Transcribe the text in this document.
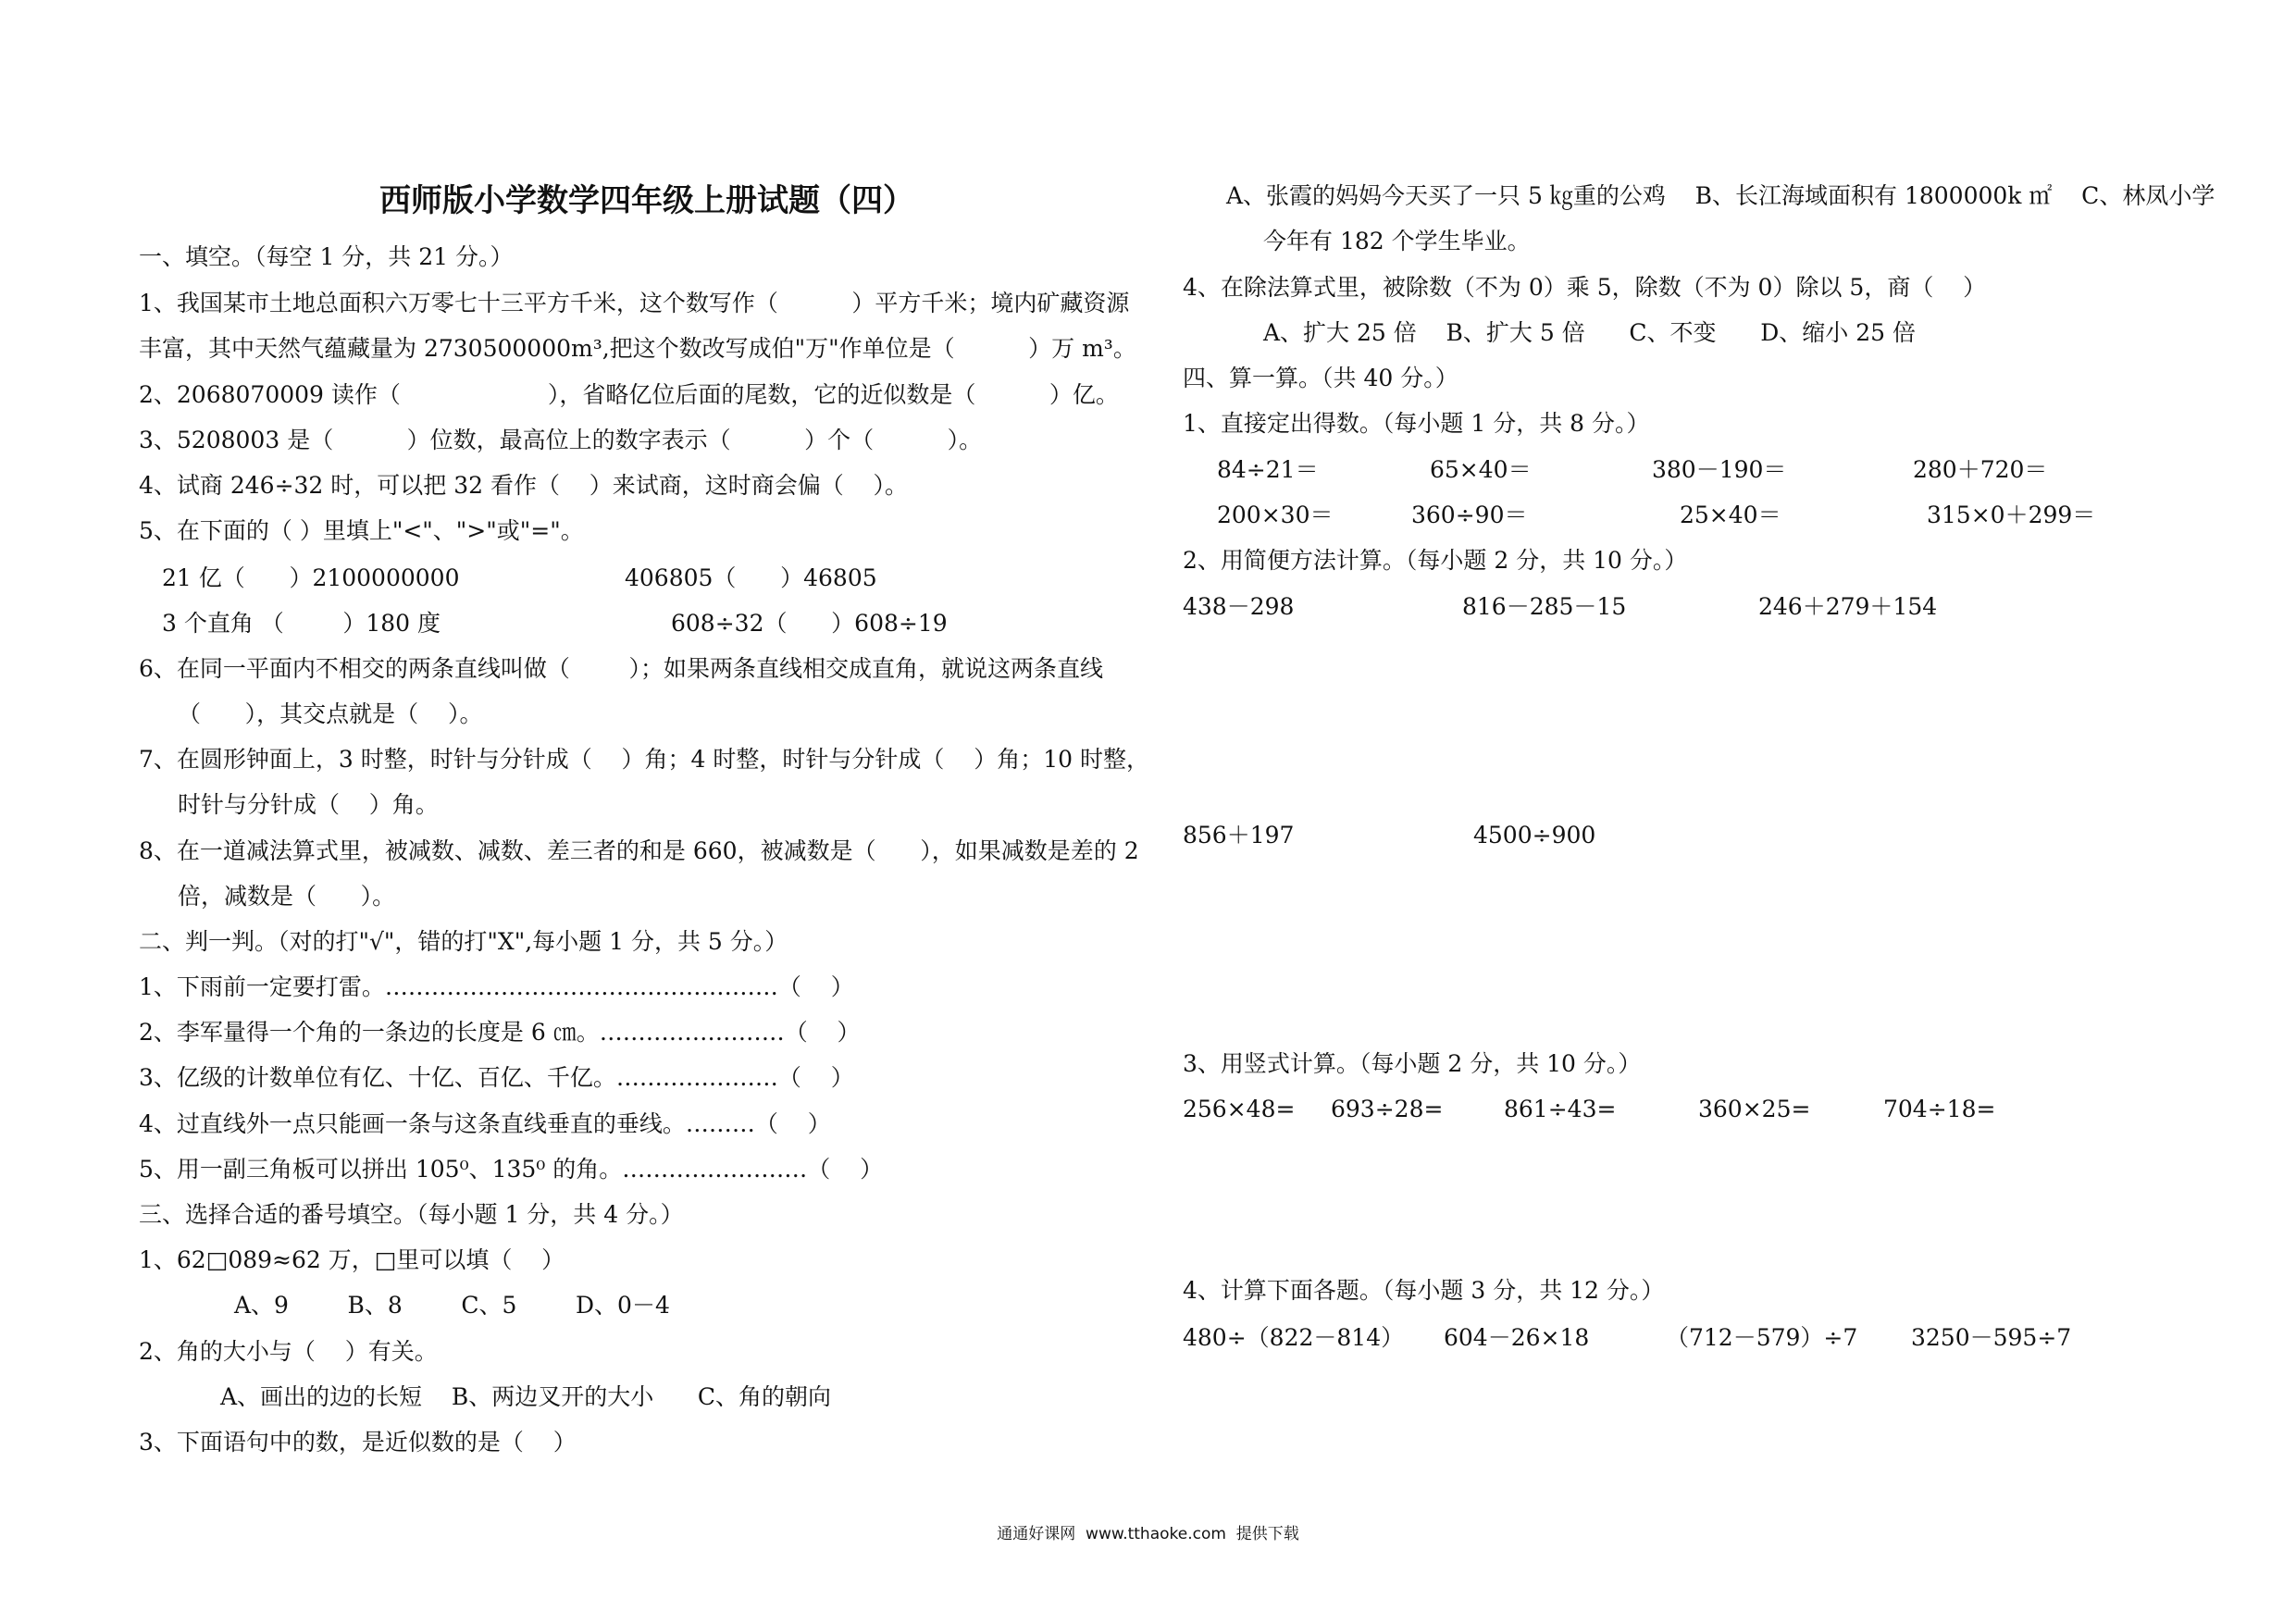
西师版小学数学四年级上册试题（四）
一、填空。（每空 1 分，共 21 分。）
1、我国某市土地总面积六万零七十三平方千米，这个数写作（          ）平方千米；境内矿藏资源
丰富，其中天然气蕴藏量为 2730500000m³,把这个数改写成伯"万"作单位是（          ）万 m³。
2、2068070009 读作（                    ），省略亿位后面的尾数，它的近似数是（          ）亿。
3、5208003 是（          ）位数，最高位上的数字表示（          ）个（          ）。
4、试商 246÷32 时，可以把 32 看作（    ）来试商，这时商会偏（    ）。
5、在下面的（ ）里填上"<"、">"或"="。
21 亿（      ）2100000000	406805（      ）46805
3 个直角 （        ）180 度	608÷32（      ）608÷19
6、在同一平面内不相交的两条直线叫做（        ）；如果两条直线相交成直角，就说这两条直线
（      ），其交点就是（    ）。
7、在圆形钟面上，3 时整，时针与分针成（    ）角；4 时整，时针与分针成（    ）角；10 时整，
时针与分针成（    ）角。
8、在一道减法算式里，被减数、减数、差三者的和是 660，被减数是（      ），如果减数是差的 2
倍，减数是（      ）。
二、判一判。（对的打"√"，错的打"X",每小题 1 分，共 5 分。）
1、下雨前一定要打雷。……………………………………………（    ）
2、李军量得一个角的一条边的长度是 6 ㎝。……………………（    ）
3、亿级的计数单位有亿、十亿、百亿、千亿。…………………（    ）
4、过直线外一点只能画一条与这条直线垂直的垂线。………（    ）
5、用一副三角板可以拼出 105⁰、135⁰ 的角。……………………（    ）
三、选择合适的番号填空。（每小题 1 分，共 4 分。）
1、62□089≈62 万，□里可以填（    ）
A、9        B、8        C、5        D、0－4
2、角的大小与（    ）有关。
A、画出的边的长短    B、两边叉开的大小      C、角的朝向
3、下面语句中的数，是近似数的是（    ）
A、张霞的妈妈今天买了一只 5 ㎏重的公鸡    B、长江海域面积有 1800000k ㎡    C、林凤小学
今年有 182 个学生毕业。
4、在除法算式里，被除数（不为 0）乘 5，除数（不为 0）除以 5，商（    ）
A、扩大 25 倍    B、扩大 5 倍      C、不变      D、缩小 25 倍
四、算一算。（共 40 分。）
1、直接定出得数。（每小题 1 分，共 8 分。）
84÷21＝	65×40＝	380－190＝	280＋720＝
200×30＝	360÷90＝	25×40＝	315×0＋299＝
2、用简便方法计算。（每小题 2 分，共 10 分。）
438－298	816－285－15	246＋279＋154
856＋197	4500÷900
3、用竖式计算。（每小题 2 分，共 10 分。）
256×48= 693÷28=	861÷43=	360×25=	704÷18=
4、计算下面各题。（每小题 3 分，共 12 分。）
480÷（822－814） 604－26×18	（712－579）÷7 3250－595÷7
通通好课网  www.tthaoke.com  提供下载
